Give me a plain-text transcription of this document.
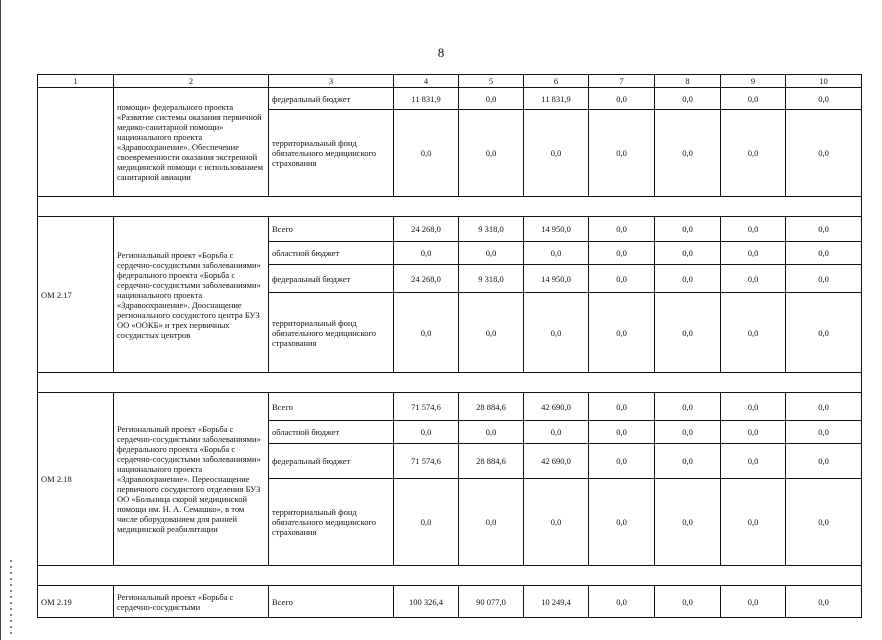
8
1	2	3	4	5	6	7	8	9	10
	помощи» федерального проекта «Развитие системы оказания первичной медико-санитарной помощи» национального проекта «Здравоохранение». Обеспечение своевременности оказания экстренной медицинской помощи с использованием санитарной авиации	федеральный бюджет	11 831,9	0,0	11 831,9	0,0	0,0	0,0	0,0
		территориальный фонд обязательного медицинского страхования	0,0	0,0	0,0	0,0	0,0	0,0	0,0

ОМ 2.17	Региональный проект «Борьба с сердечно-сосудистыми заболеваниями» федерального проекта «Борьба с сердечно-сосудистыми заболеваниями» национального проекта «Здравоохранение». Дооснащение регионального сосудистого центра БУЗ ОО «ООКБ» и трех первичных сосудистых центров	Всего	24 268,0	9 318,0	14 950,0	0,0	0,0	0,0	0,0
		областной бюджет	0,0	0,0	0,0	0,0	0,0	0,0	0,0
		федеральный бюджет	24 268,0	9 318,0	14 950,0	0,0	0,0	0,0	0,0
		территориальный фонд обязательного медицинского страхования	0,0	0,0	0,0	0,0	0,0	0,0	0,0

ОМ 2.18	Региональный проект «Борьба с сердечно-сосудистыми заболеваниями» федерального проекта «Борьба с сердечно-сосудистыми заболеваниями» национального проекта «Здравоохранение». Переоснащение первичного сосудистого отделения БУЗ ОО «Больница скорой медицинской помощи им. Н. А. Семашко», в том числе оборудованием для ранней медицинской реабилитации	Всего	71 574,6	28 884,6	42 690,0	0,0	0,0	0,0	0,0
		областной бюджет	0,0	0,0	0,0	0,0	0,0	0,0	0,0
		федеральный бюджет	71 574,6	28 884,6	42 690,0	0,0	0,0	0,0	0,0
		территориальный фонд обязательного медицинского страхования	0,0	0,0	0,0	0,0	0,0	0,0	0,0

ОМ 2.19	Региональный проект «Борьба с сердечно-сосудистыми	Всего	100 326,4	90 077,0	10 249,4	0,0	0,0	0,0	0,0
